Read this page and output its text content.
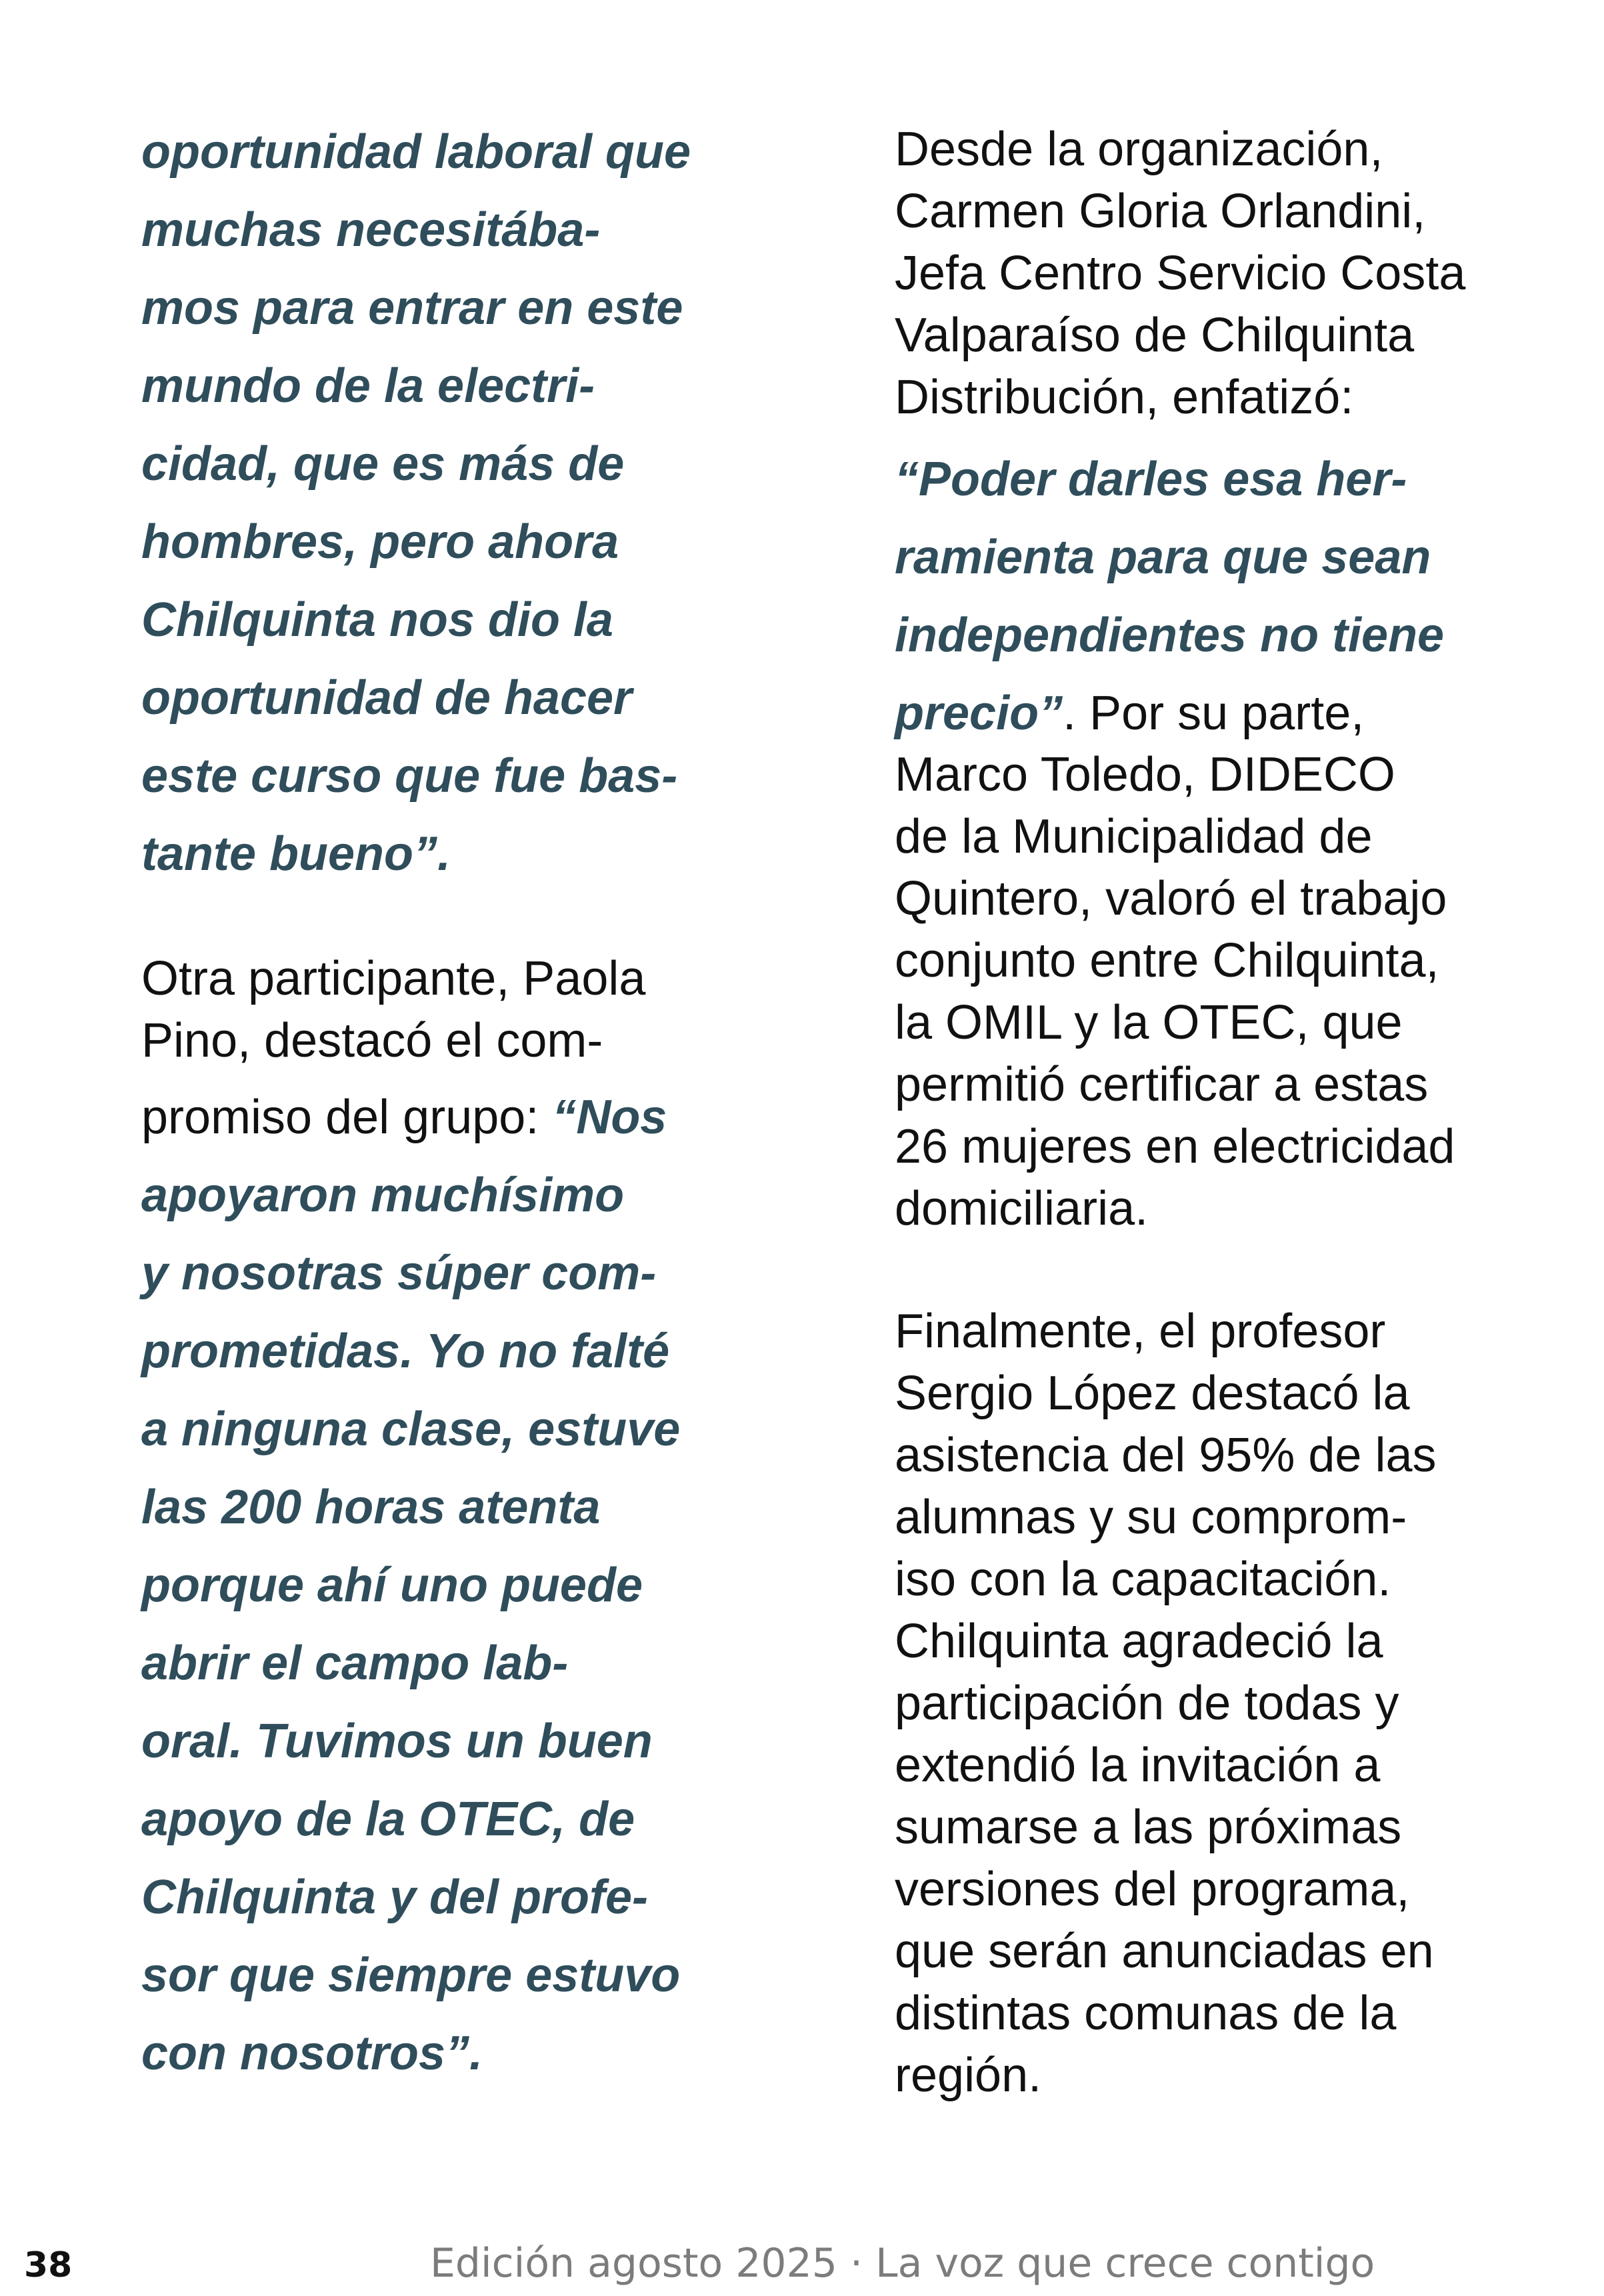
oportunidad laboral que
muchas necesitába-
mos para entrar en este
mundo de la electri-
cidad, que es más de
hombres, pero ahora
Chilquinta nos dio la
oportunidad de hacer
este curso que fue bas-
tante bueno”.
Otra participante, Paola
Pino, destacó el com-
promiso del grupo: “Nos
apoyaron muchísimo
y nosotras súper com-
prometidas. Yo no falté
a ninguna clase, estuve
las 200 horas atenta
porque ahí uno puede
abrir el campo lab-
oral. Tuvimos un buen
apoyo de la OTEC, de
Chilquinta y del profe-
sor que siempre estuvo
con nosotros”.
Desde la organización,
Carmen Gloria Orlandini,
Jefa Centro Servicio Costa
Valparaíso de Chilquinta
Distribución, enfatizó:
“Poder darles esa her-
ramienta para que sean
independientes no tiene
precio”. Por su parte,
Marco Toledo, DIDECO
de la Municipalidad de
Quintero, valoró el trabajo
conjunto entre Chilquinta,
la OMIL y la OTEC, que
permitió certificar a estas
26 mujeres en electricidad
domiciliaria.
Finalmente, el profesor
Sergio López destacó la
asistencia del 95% de las
alumnas y su comprom-
iso con la capacitación.
Chilquinta agradeció la
participación de todas y
extendió la invitación a
sumarse a las próximas
versiones del programa,
que serán anunciadas en
distintas comunas de la
región.
38	Edición agosto 2025 · La voz que crece contigo
